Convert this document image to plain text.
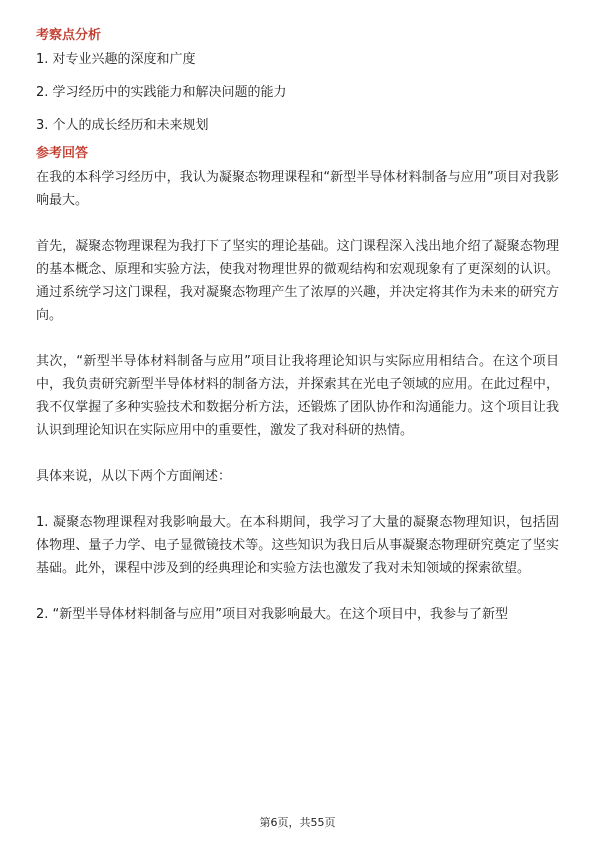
考察点分析

1. 对专业兴趣的深度和广度

2. 学习经历中的实践能力和解决问题的能力

3. 个人的成长经历和未来规划

参考回答

在我的本科学习经历中，我认为凝聚态物理课程和“新型半导体材料制备与应用”项目对我影响最大。

首先，凝聚态物理课程为我打下了坚实的理论基础。这门课程深入浅出地介绍了凝聚态物理的基本概念、原理和实验方法，使我对物理世界的微观结构和宏观现象有了更深刻的认识。通过系统学习这门课程，我对凝聚态物理产生了浓厚的兴趣，并决定将其作为未来的研究方向。

其次，“新型半导体材料制备与应用”项目让我将理论知识与实际应用相结合。在这个项目中，我负责研究新型半导体材料的制备方法，并探索其在光电子领域的应用。在此过程中，我不仅掌握了多种实验技术和数据分析方法，还锻炼了团队协作和沟通能力。这个项目让我认识到理论知识在实际应用中的重要性，激发了我对科研的热情。

具体来说，从以下两个方面阐述：

1. 凝聚态物理课程对我影响最大。在本科期间，我学习了大量的凝聚态物理知识，包括固体物理、量子力学、电子显微镜技术等。这些知识为我日后从事凝聚态物理研究奠定了坚实基础。此外，课程中涉及到的经典理论和实验方法也激发了我对未知领域的探索欲望。

2. “新型半导体材料制备与应用”项目对我影响最大。在这个项目中，我参与了新型

第6页，共55页
